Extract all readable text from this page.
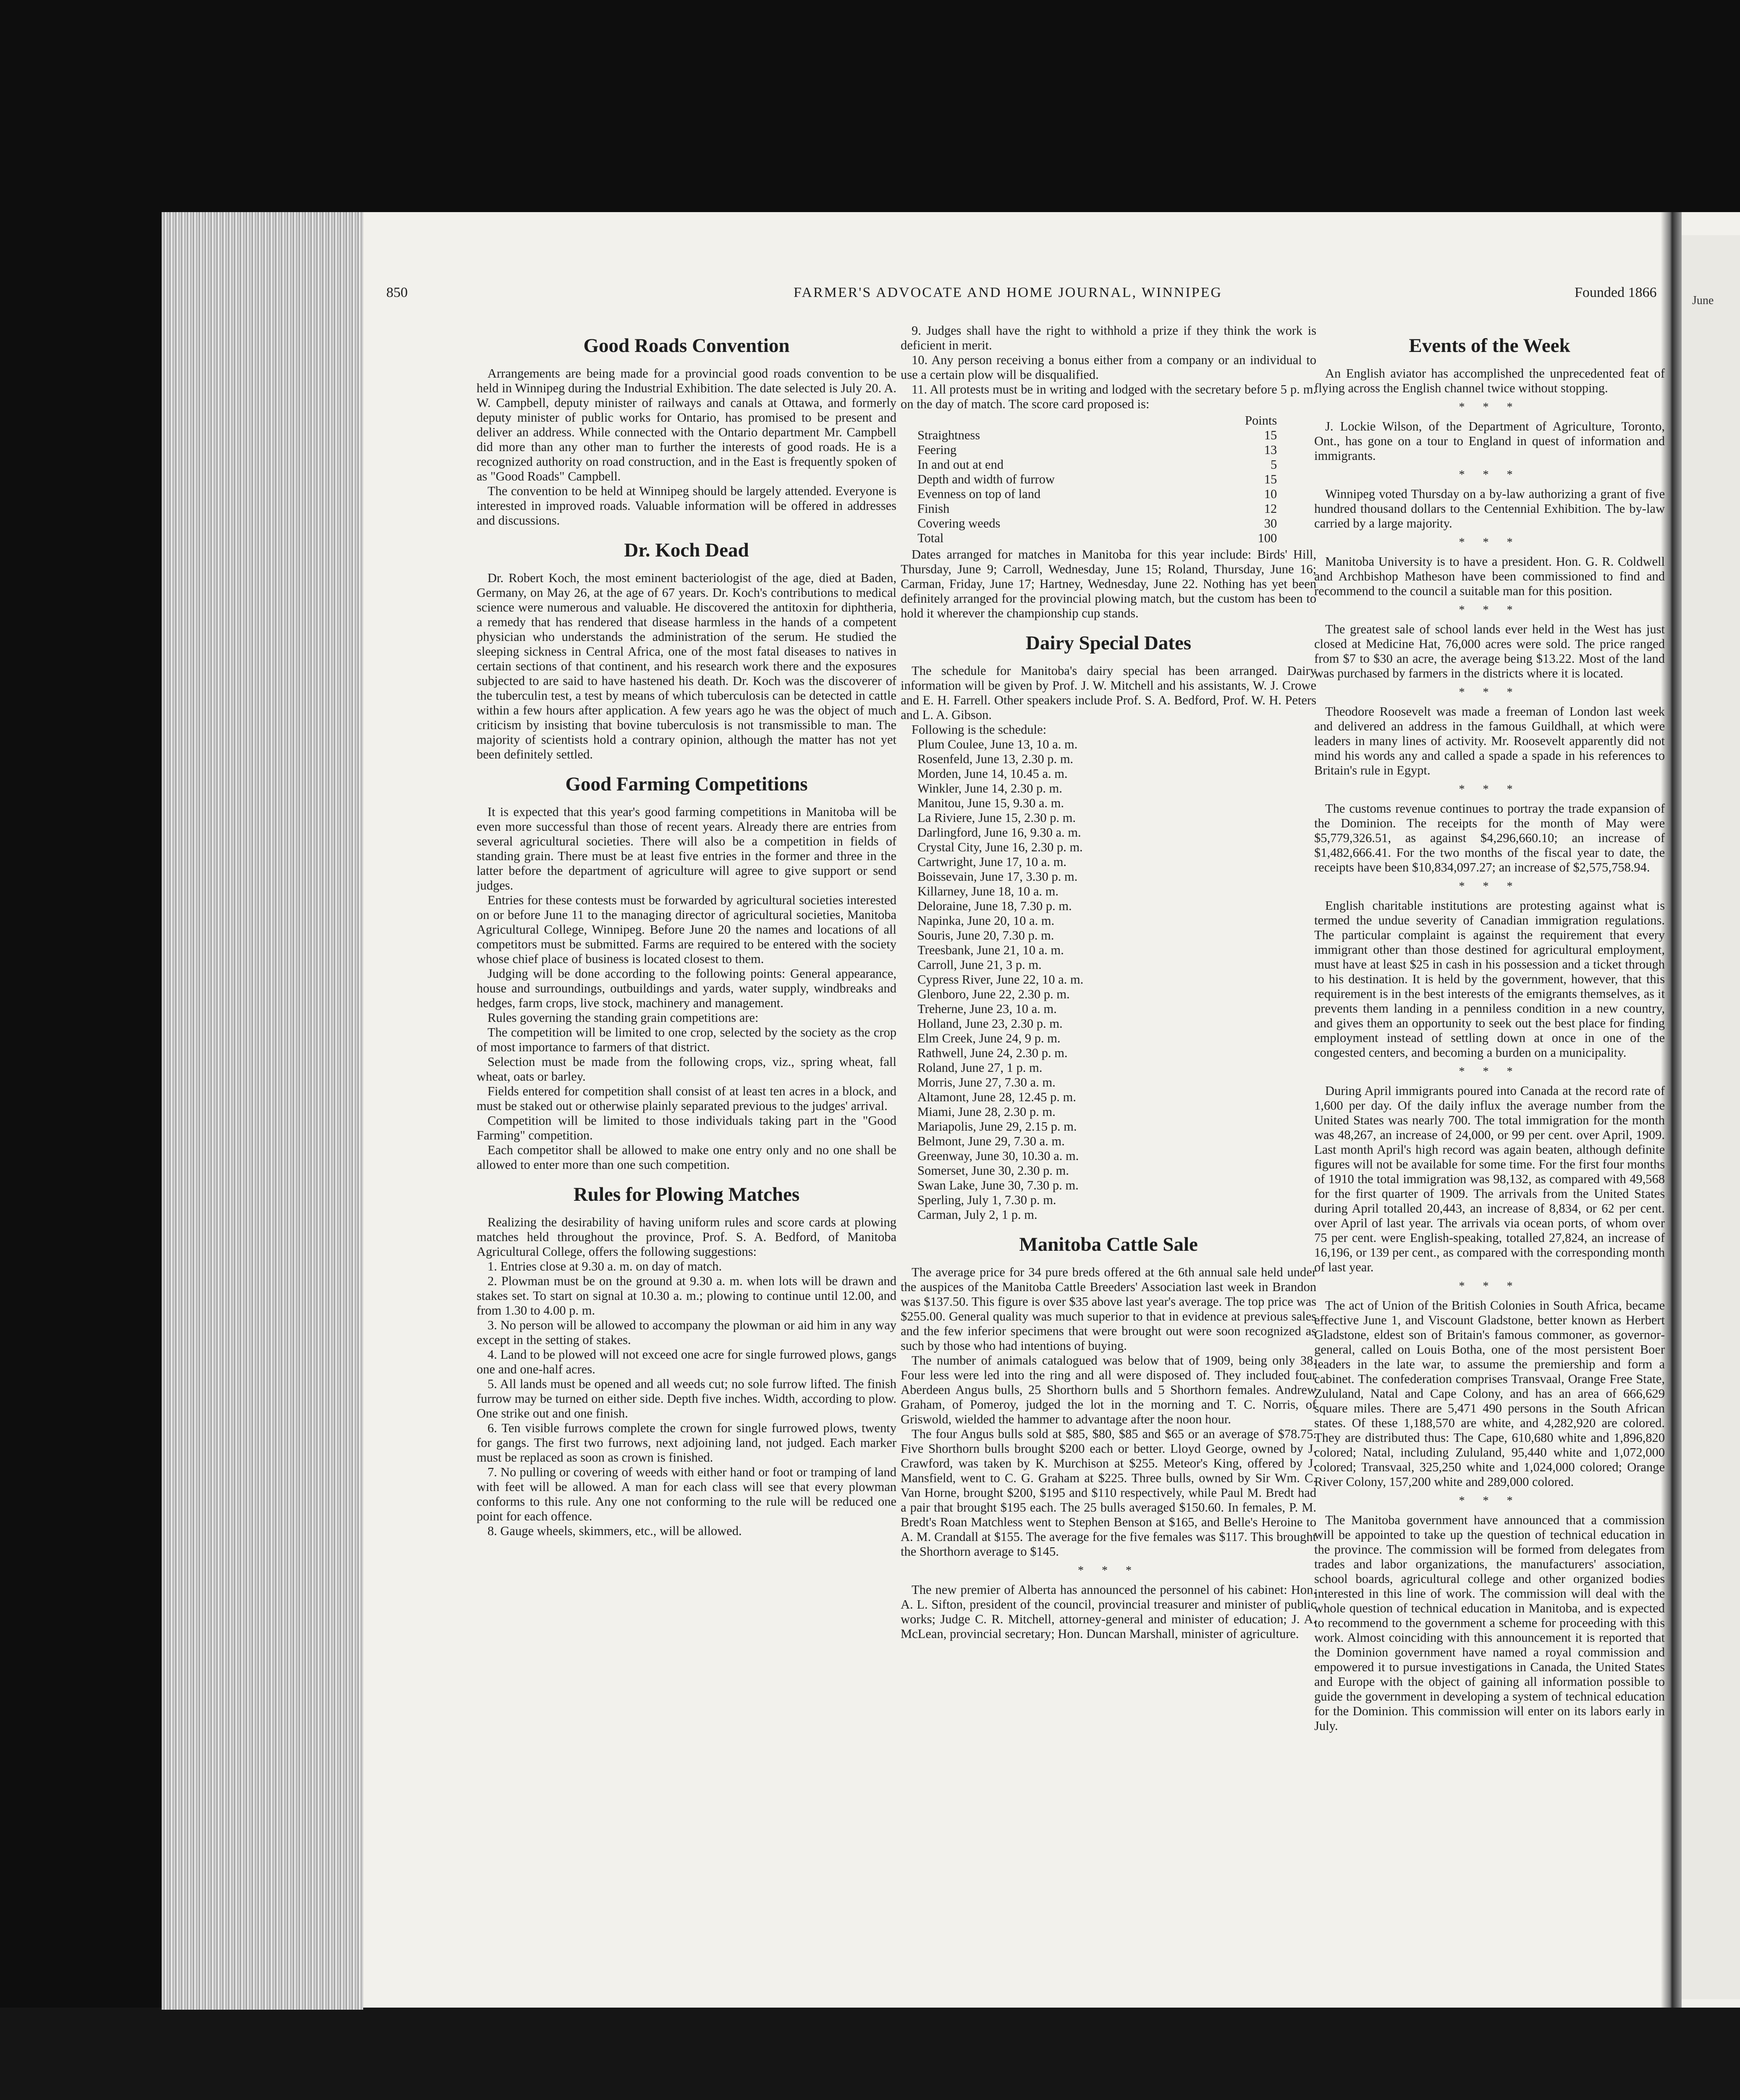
June
850	FARMER'S ADVOCATE AND HOME JOURNAL, WINNIPEG	Founded 1866
Good Roads Convention

Arrangements are being made for a provincial good roads convention to be held in Winnipeg during the Industrial Exhibition. The date selected is July 20. A. W. Campbell, deputy minister of railways and canals at Ottawa, and formerly deputy minister of public works for Ontario, has promised to be present and deliver an address. While connected with the Ontario department Mr. Campbell did more than any other man to further the interests of good roads. He is a recognized authority on road construction, and in the East is frequently spoken of as "Good Roads" Campbell.

The convention to be held at Winnipeg should be largely attended. Everyone is interested in improved roads. Valuable information will be offered in addresses and discussions.

Dr. Koch Dead

Dr. Robert Koch, the most eminent bacteriologist of the age, died at Baden, Germany, on May 26, at the age of 67 years. Dr. Koch's contributions to medical science were numerous and valuable. He discovered the antitoxin for diphtheria, a remedy that has rendered that disease harmless in the hands of a competent physician who understands the administration of the serum. He studied the sleeping sickness in Central Africa, one of the most fatal diseases to natives in certain sections of that continent, and his research work there and the exposures subjected to are said to have hastened his death. Dr. Koch was the discoverer of the tuberculin test, a test by means of which tuberculosis can be detected in cattle within a few hours after application. A few years ago he was the object of much criticism by insisting that bovine tuberculosis is not transmissible to man. The majority of scientists hold a contrary opinion, although the matter has not yet been definitely settled.

Good Farming Competitions

It is expected that this year's good farming competitions in Manitoba will be even more successful than those of recent years. Already there are entries from several agricultural societies. There will also be a competition in fields of standing grain. There must be at least five entries in the former and three in the latter before the department of agriculture will agree to give support or send judges.

Entries for these contests must be forwarded by agricultural societies interested on or before June 11 to the managing director of agricultural societies, Manitoba Agricultural College, Winnipeg. Before June 20 the names and locations of all competitors must be submitted. Farms are required to be entered with the society whose chief place of business is located closest to them.

Judging will be done according to the following points: General appearance, house and surroundings, outbuildings and yards, water supply, windbreaks and hedges, farm crops, live stock, machinery and management.

Rules governing the standing grain competitions are:

The competition will be limited to one crop, selected by the society as the crop of most importance to farmers of that district.

Selection must be made from the following crops, viz., spring wheat, fall wheat, oats or barley.

Fields entered for competition shall consist of at least ten acres in a block, and must be staked out or otherwise plainly separated previous to the judges' arrival.

Competition will be limited to those individuals taking part in the "Good Farming" competition.

Each competitor shall be allowed to make one entry only and no one shall be allowed to enter more than one such competition.

Rules for Plowing Matches

Realizing the desirability of having uniform rules and score cards at plowing matches held throughout the province, Prof. S. A. Bedford, of Manitoba Agricultural College, offers the following suggestions:

1. Entries close at 9.30 a. m. on day of match.

2. Plowman must be on the ground at 9.30 a. m. when lots will be drawn and stakes set. To start on signal at 10.30 a. m.; plowing to continue until 12.00, and from 1.30 to 4.00 p. m.

3. No person will be allowed to accompany the plowman or aid him in any way except in the setting of stakes.

4. Land to be plowed will not exceed one acre for single furrowed plows, gangs one and one-half acres.

5. All lands must be opened and all weeds cut; no sole furrow lifted. The finish furrow may be turned on either side. Depth five inches. Width, according to plow. One strike out and one finish.

6. Ten visible furrows complete the crown for single furrowed plows, twenty for gangs. The first two furrows, next adjoining land, not judged. Each marker must be replaced as soon as crown is finished.

7. No pulling or covering of weeds with either hand or foot or tramping of land with feet will be allowed. A man for each class will see that every plowman conforms to this rule. Any one not conforming to the rule will be reduced one point for each offence.

8. Gauge wheels, skimmers, etc., will be allowed.

9. Judges shall have the right to withhold a prize if they think the work is deficient in merit.

10. Any person receiving a bonus either from a company or an individual to use a certain plow will be disqualified.

11. All protests must be in writing and lodged with the secretary before 5 p. m. on the day of match. The score card proposed is:

	Points
Straightness	15
Feering	13
In and out at end	5
Depth and width of furrow	15
Evenness on top of land	10
Finish	12
Covering weeds	30
Total	100

Dates arranged for matches in Manitoba for this year include: Birds' Hill, Thursday, June 9; Carroll, Wednesday, June 15; Roland, Thursday, June 16; Carman, Friday, June 17; Hartney, Wednesday, June 22. Nothing has yet been definitely arranged for the provincial plowing match, but the custom has been to hold it wherever the championship cup stands.

Dairy Special Dates

The schedule for Manitoba's dairy special has been arranged. Dairy information will be given by Prof. J. W. Mitchell and his assistants, W. J. Crowe and E. H. Farrell. Other speakers include Prof. S. A. Bedford, Prof. W. H. Peters and L. A. Gibson.

Following is the schedule:

Plum Coulee, June 13, 10 a. m.

Rosenfeld, June 13, 2.30 p. m.

Morden, June 14, 10.45 a. m.

Winkler, June 14, 2.30 p. m.

Manitou, June 15, 9.30 a. m.

La Riviere, June 15, 2.30 p. m.

Darlingford, June 16, 9.30 a. m.

Crystal City, June 16, 2.30 p. m.

Cartwright, June 17, 10 a. m.

Boissevain, June 17, 3.30 p. m.

Killarney, June 18, 10 a. m.

Deloraine, June 18, 7.30 p. m.

Napinka, June 20, 10 a. m.

Souris, June 20, 7.30 p. m.

Treesbank, June 21, 10 a. m.

Carroll, June 21, 3 p. m.

Cypress River, June 22, 10 a. m.

Glenboro, June 22, 2.30 p. m.

Treherne, June 23, 10 a. m.

Holland, June 23, 2.30 p. m.

Elm Creek, June 24, 9 p. m.

Rathwell, June 24, 2.30 p. m.

Roland, June 27, 1 p. m.

Morris, June 27, 7.30 a. m.

Altamont, June 28, 12.45 p. m.

Miami, June 28, 2.30 p. m.

Mariapolis, June 29, 2.15 p. m.

Belmont, June 29, 7.30 a. m.

Greenway, June 30, 10.30 a. m.

Somerset, June 30, 2.30 p. m.

Swan Lake, June 30, 7.30 p. m.

Sperling, July 1, 7.30 p. m.

Carman, July 2, 1 p. m.

Manitoba Cattle Sale

The average price for 34 pure breds offered at the 6th annual sale held under the auspices of the Manitoba Cattle Breeders' Association last week in Brandon was $137.50. This figure is over $35 above last year's average. The top price was $255.00. General quality was much superior to that in evidence at previous sales and the few inferior specimens that were brought out were soon recognized as such by those who had intentions of buying.

The number of animals catalogued was below that of 1909, being only 38. Four less were led into the ring and all were disposed of. They included four Aberdeen Angus bulls, 25 Shorthorn bulls and 5 Shorthorn females. Andrew Graham, of Pomeroy, judged the lot in the morning and T. C. Norris, of Griswold, wielded the hammer to advantage after the noon hour.

The four Angus bulls sold at $85, $80, $85 and $65 or an average of $78.75. Five Shorthorn bulls brought $200 each or better. Lloyd George, owned by J. Crawford, was taken by K. Murchison at $255. Meteor's King, offered by J. Mansfield, went to C. G. Graham at $225. Three bulls, owned by Sir Wm. C. Van Horne, brought $200, $195 and $110 respectively, while Paul M. Bredt had a pair that brought $195 each. The 25 bulls averaged $150.60. In females, P. M. Bredt's Roan Matchless went to Stephen Benson at $165, and Belle's Heroine to A. M. Crandall at $155. The average for the five females was $117. This brought the Shorthorn average to $145.

* * *

The new premier of Alberta has announced the personnel of his cabinet: Hon. A. L. Sifton, president of the council, provincial treasurer and minister of public works; Judge C. R. Mitchell, attorney-general and minister of education; J. A. McLean, provincial secretary; Hon. Duncan Marshall, minister of agriculture.

Events of the Week

An English aviator has accomplished the unprecedented feat of flying across the English channel twice without stopping.

* * *

J. Lockie Wilson, of the Department of Agriculture, Toronto, Ont., has gone on a tour to England in quest of information and immigrants.

* * *

Winnipeg voted Thursday on a by-law authorizing a grant of five hundred thousand dollars to the Centennial Exhibition. The by-law carried by a large majority.

* * *

Manitoba University is to have a president. Hon. G. R. Coldwell and Archbishop Matheson have been commissioned to find and recommend to the council a suitable man for this position.

* * *

The greatest sale of school lands ever held in the West has just closed at Medicine Hat, 76,000 acres were sold. The price ranged from $7 to $30 an acre, the average being $13.22. Most of the land was purchased by farmers in the districts where it is located.

* * *

Theodore Roosevelt was made a freeman of London last week and delivered an address in the famous Guildhall, at which were leaders in many lines of activity. Mr. Roosevelt apparently did not mind his words any and called a spade a spade in his references to Britain's rule in Egypt.

* * *

The customs revenue continues to portray the trade expansion of the Dominion. The receipts for the month of May were $5,779,326.51, as against $4,296,660.10; an increase of $1,482,666.41. For the two months of the fiscal year to date, the receipts have been $10,834,097.27; an increase of $2,575,758.94.

* * *

English charitable institutions are protesting against what is termed the undue severity of Canadian immigration regulations. The particular complaint is against the requirement that every immigrant other than those destined for agricultural employment, must have at least $25 in cash in his possession and a ticket through to his destination. It is held by the government, however, that this requirement is in the best interests of the emigrants themselves, as it prevents them landing in a penniless condition in a new country, and gives them an opportunity to seek out the best place for finding employment instead of settling down at once in one of the congested centers, and becoming a burden on a municipality.

* * *

During April immigrants poured into Canada at the record rate of 1,600 per day. Of the daily influx the average number from the United States was nearly 700. The total immigration for the month was 48,267, an increase of 24,000, or 99 per cent. over April, 1909. Last month April's high record was again beaten, although definite figures will not be available for some time. For the first four months of 1910 the total immigration was 98,132, as compared with 49,568 for the first quarter of 1909. The arrivals from the United States during April totalled 20,443, an increase of 8,834, or 62 per cent. over April of last year. The arrivals via ocean ports, of whom over 75 per cent. were English-speaking, totalled 27,824, an increase of 16,196, or 139 per cent., as compared with the corresponding month of last year.

* * *

The act of Union of the British Colonies in South Africa, became effective June 1, and Viscount Gladstone, better known as Herbert Gladstone, eldest son of Britain's famous commoner, as governor-general, called on Louis Botha, one of the most persistent Boer leaders in the late war, to assume the premiership and form a cabinet. The confederation comprises Transvaal, Orange Free State, Zululand, Natal and Cape Colony, and has an area of 666,629 square miles. There are 5,471 490 persons in the South African states. Of these 1,188,570 are white, and 4,282,920 are colored. They are distributed thus: The Cape, 610,680 white and 1,896,820 colored; Natal, including Zululand, 95,440 white and 1,072,000 colored; Transvaal, 325,250 white and 1,024,000 colored; Orange River Colony, 157,200 white and 289,000 colored.

* * *

The Manitoba government have announced that a commission will be appointed to take up the question of technical education in the province. The commission will be formed from delegates from trades and labor organizations, the manufacturers' association, school boards, agricultural college and other organized bodies interested in this line of work. The commission will deal with the whole question of technical education in Manitoba, and is expected to recommend to the government a scheme for proceeding with this work. Almost coinciding with this announcement it is reported that the Dominion government have named a royal commission and empowered it to pursue investigations in Canada, the United States and Europe with the object of gaining all information possible to guide the government in developing a system of technical education for the Dominion. This commission will enter on its labors early in July.
